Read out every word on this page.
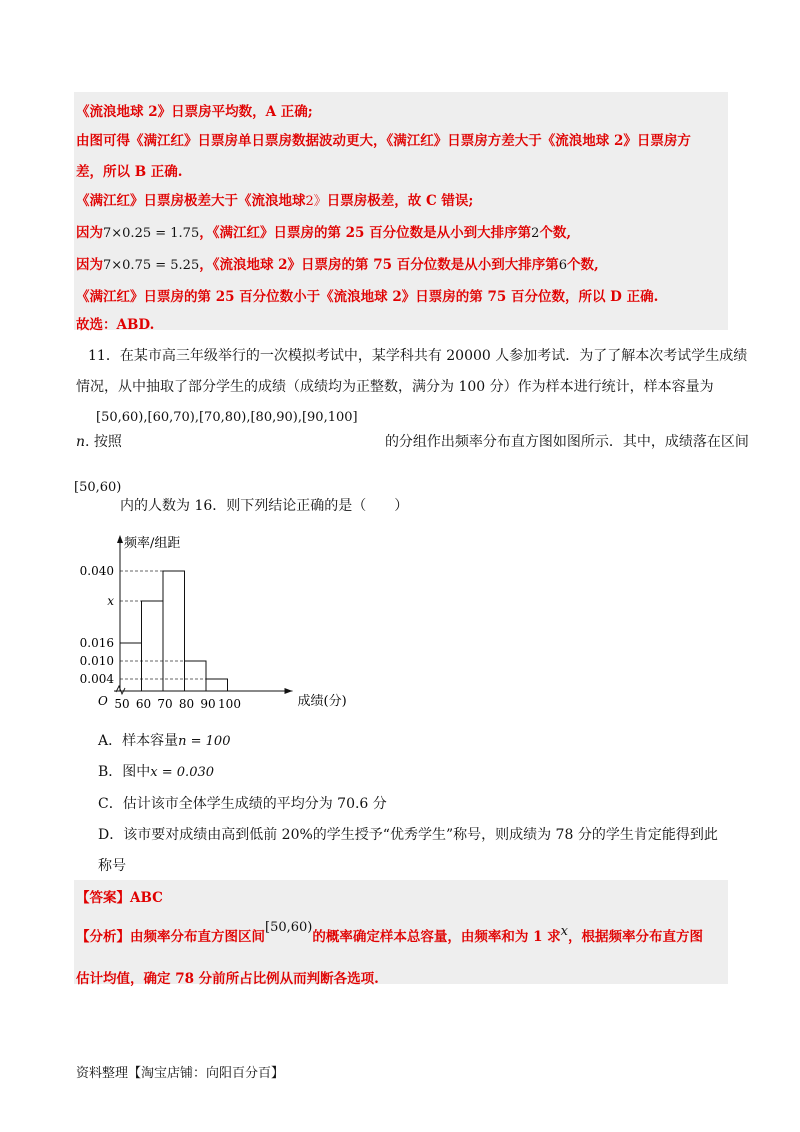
《流浪地球 2》日票房平均数，A 正确;
由图可得《满江红》日票房单日票房数据波动更大，《满江红》日票房方差大于《流浪地球 2》日票房方
差，所以 B 正确.
《满江红》日票房极差大于《流浪地球2》日票房极差，故 C 错误;
因为7×0.25 = 1.75，《满江红》日票房的第 25 百分位数是从小到大排序第2个数,
因为7×0.75 = 5.25，《流浪地球 2》日票房的第 75 百分位数是从小到大排序第6个数,
《满江红》日票房的第 25 百分位数小于《流浪地球 2》日票房的第 75 百分位数，所以 D 正确.
故选：ABD.
11．在某市高三年级举行的一次模拟考试中，某学科共有 20000 人参加考试．为了了解本次考试学生成绩
情况，从中抽取了部分学生的成绩（成绩均为正整数，满分为 100 分）作为样本进行统计，样本容量为
[50,60),[60,70),[70,80),[80,90),[90,100]
n. 按照	的分组作出频率分布直方图如图所示．其中，成绩落在区间
[50,60)
内的人数为 16．则下列结论正确的是（　　）
0.040
x
0.016
0.010
0.004
50 60 70 80 90 100
O
频率/组距
成绩(分)
A．样本容量n = 100
B．图中x = 0.030
C．估计该市全体学生成绩的平均分为 70.6 分
D．该市要对成绩由高到低前 20%的学生授予“优秀学生”称号，则成绩为 78 分的学生肯定能得到此
称号
【答案】ABC
【分析】由频率分布直方图区间[50,60)的概率确定样本总容量，由频率和为 1 求x，根据频率分布直方图
估计均值，确定 78 分前所占比例从而判断各选项.
资料整理【淘宝店铺：向阳百分百】
